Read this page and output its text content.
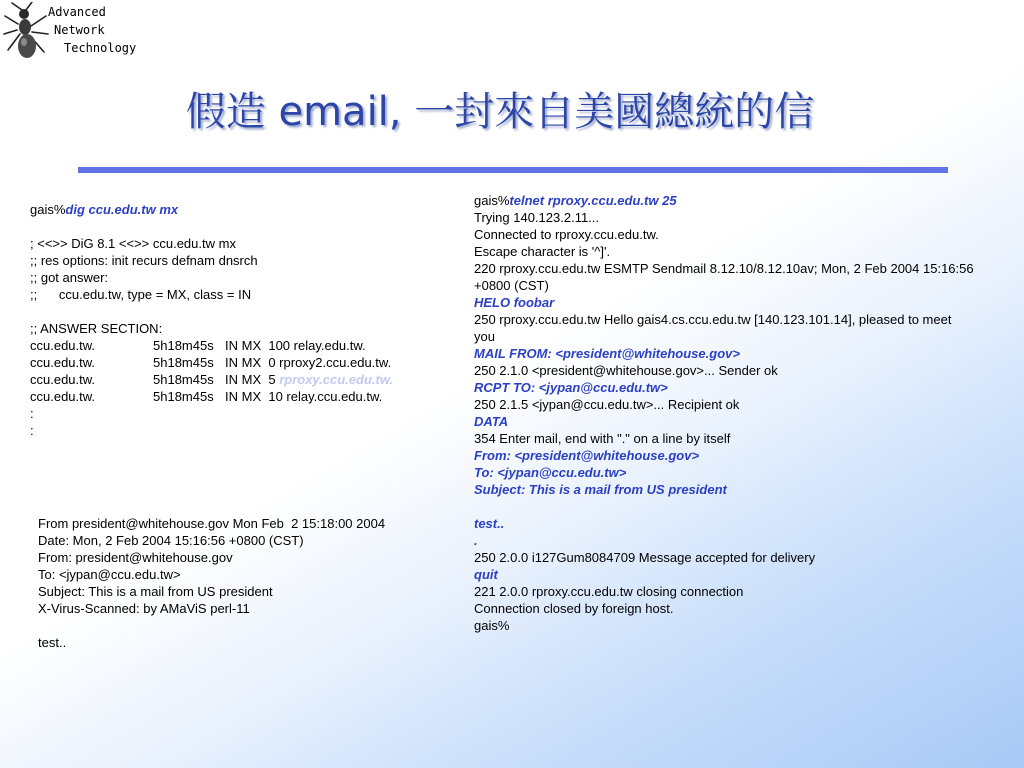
Advanced
Network
Technology
假造 email, 一封來自美國總統的信
gais%dig ccu.edu.tw mx
; <<>> DiG 8.1 <<>> ccu.edu.tw mx
;; res options: init recurs defnam dnsrch
;; got answer:
;;      ccu.edu.tw, type = MX, class = IN
;; ANSWER SECTION:
ccu.edu.tw.	5h18m45s IN MX  100 relay.edu.tw.
ccu.edu.tw.	5h18m45s IN MX  0 rproxy2.ccu.edu.tw.
ccu.edu.tw.	5h18m45s IN MX  5 rproxy.ccu.edu.tw.
ccu.edu.tw.	5h18m45s IN MX  10 relay.ccu.edu.tw.
:
:
From president@whitehouse.gov Mon Feb  2 15:18:00 2004
Date: Mon, 2 Feb 2004 15:16:56 +0800 (CST)
From: president@whitehouse.gov
To: <jypan@ccu.edu.tw>
Subject: This is a mail from US president
X-Virus-Scanned: by AMaViS perl-11
test..
gais%telnet rproxy.ccu.edu.tw 25
Trying 140.123.2.11...
Connected to rproxy.ccu.edu.tw.
Escape character is '^]'.
220 rproxy.ccu.edu.tw ESMTP Sendmail 8.12.10/8.12.10av; Mon, 2 Feb 2004 15:16:56 +0800 (CST)
HELO foobar
250 rproxy.ccu.edu.tw Hello gais4.cs.ccu.edu.tw [140.123.101.14], pleased to meet you
MAIL FROM: <president@whitehouse.gov>
250 2.1.0 <president@whitehouse.gov>... Sender ok
RCPT TO: <jypan@ccu.edu.tw>
250 2.1.5 <jypan@ccu.edu.tw>... Recipient ok
DATA
354 Enter mail, end with "." on a line by itself
From: <president@whitehouse.gov>
To: <jypan@ccu.edu.tw>
Subject: This is a mail from US president
test..
.
250 2.0.0 i127Gum8084709 Message accepted for delivery
quit
221 2.0.0 rproxy.ccu.edu.tw closing connection
Connection closed by foreign host.
gais%
